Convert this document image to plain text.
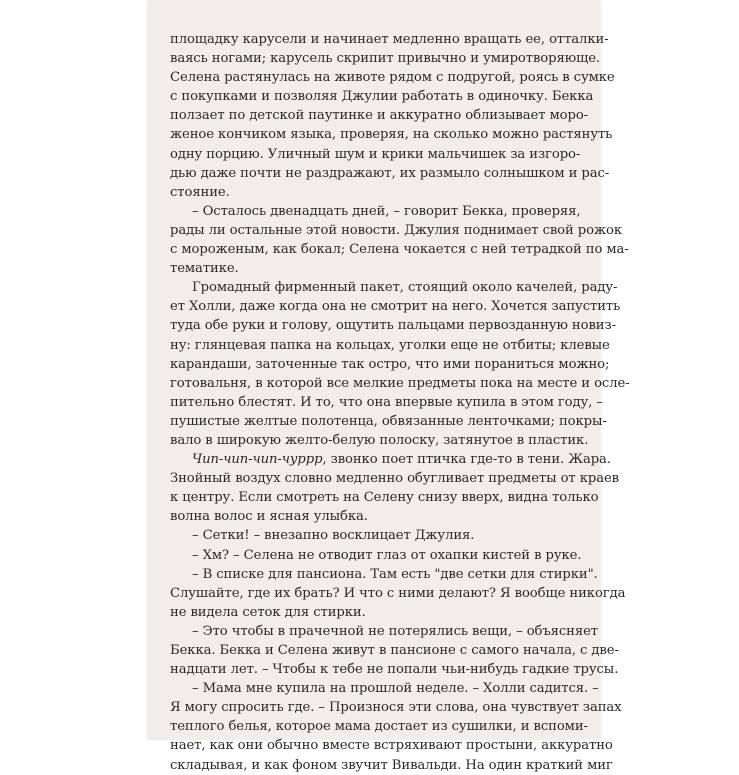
площадку карусели и начинает медленно вращать ее, отталки-
ваясь ногами; карусель скрипит привычно и умиротворяюще.
Селена растянулась на животе рядом с подругой, роясь в сумке
с покупками и позволяя Джулии работать в одиночку. Бекка
ползает по детской паутинке и аккуратно облизывает моро-
женое кончиком языка, проверяя, на сколько можно растянуть
одну порцию. Уличный шум и крики мальчишек за изгоро-
дью даже почти не раздражают, их размыло солнышком и рас-
стояние.
– Осталось двенадцать дней, – говорит Бекка, проверяя,
рады ли остальные этой новости. Джулия поднимает свой рожок
с мороженым, как бокал; Селена чокается с ней тетрадкой по ма-
тематике.
Громадный фирменный пакет, стоящий около качелей, раду-
ет Холли, даже когда она не смотрит на него. Хочется запустить
туда обе руки и голову, ощутить пальцами первозданную новиз-
ну: глянцевая папка на кольцах, уголки еще не отбиты; клевые
карандаши, заточенные так остро, что ими пораниться можно;
готовальня, в которой все мелкие предметы пока на месте и осле-
пительно блестят. И то, что она впервые купила в этом году, –
пушистые желтые полотенца, обвязанные ленточками; покры-
вало в широкую желто-белую полоску, затянутое в пластик.
Чип-чип-чип-чуррр, звонко поет птичка где-то в тени. Жара.
Знойный воздух словно медленно обугливает предметы от краев
к центру. Если смотреть на Селену снизу вверх, видна только
волна волос и ясная улыбка.
– Сетки! – внезапно восклицает Джулия.
– Хм? – Селена не отводит глаз от охапки кистей в руке.
– В списке для пансиона. Там есть "две сетки для стирки".
Слушайте, где их брать? И что с ними делают? Я вообще никогда
не видела сеток для стирки.
– Это чтобы в прачечной не потерялись вещи, – объясняет
Бекка. Бекка и Селена живут в пансионе с самого начала, с две-
надцати лет. – Чтобы к тебе не попали чьи-нибудь гадкие трусы.
– Мама мне купила на прошлой неделе. – Холли садится. –
Я могу спросить где. – Произнося эти слова, она чувствует запах
теплого белья, которое мама достает из сушилки, и вспоми-
нает, как они обычно вместе встряхивают простыни, аккуратно
складывая, и как фоном звучит Вивальди. На один краткий миг
